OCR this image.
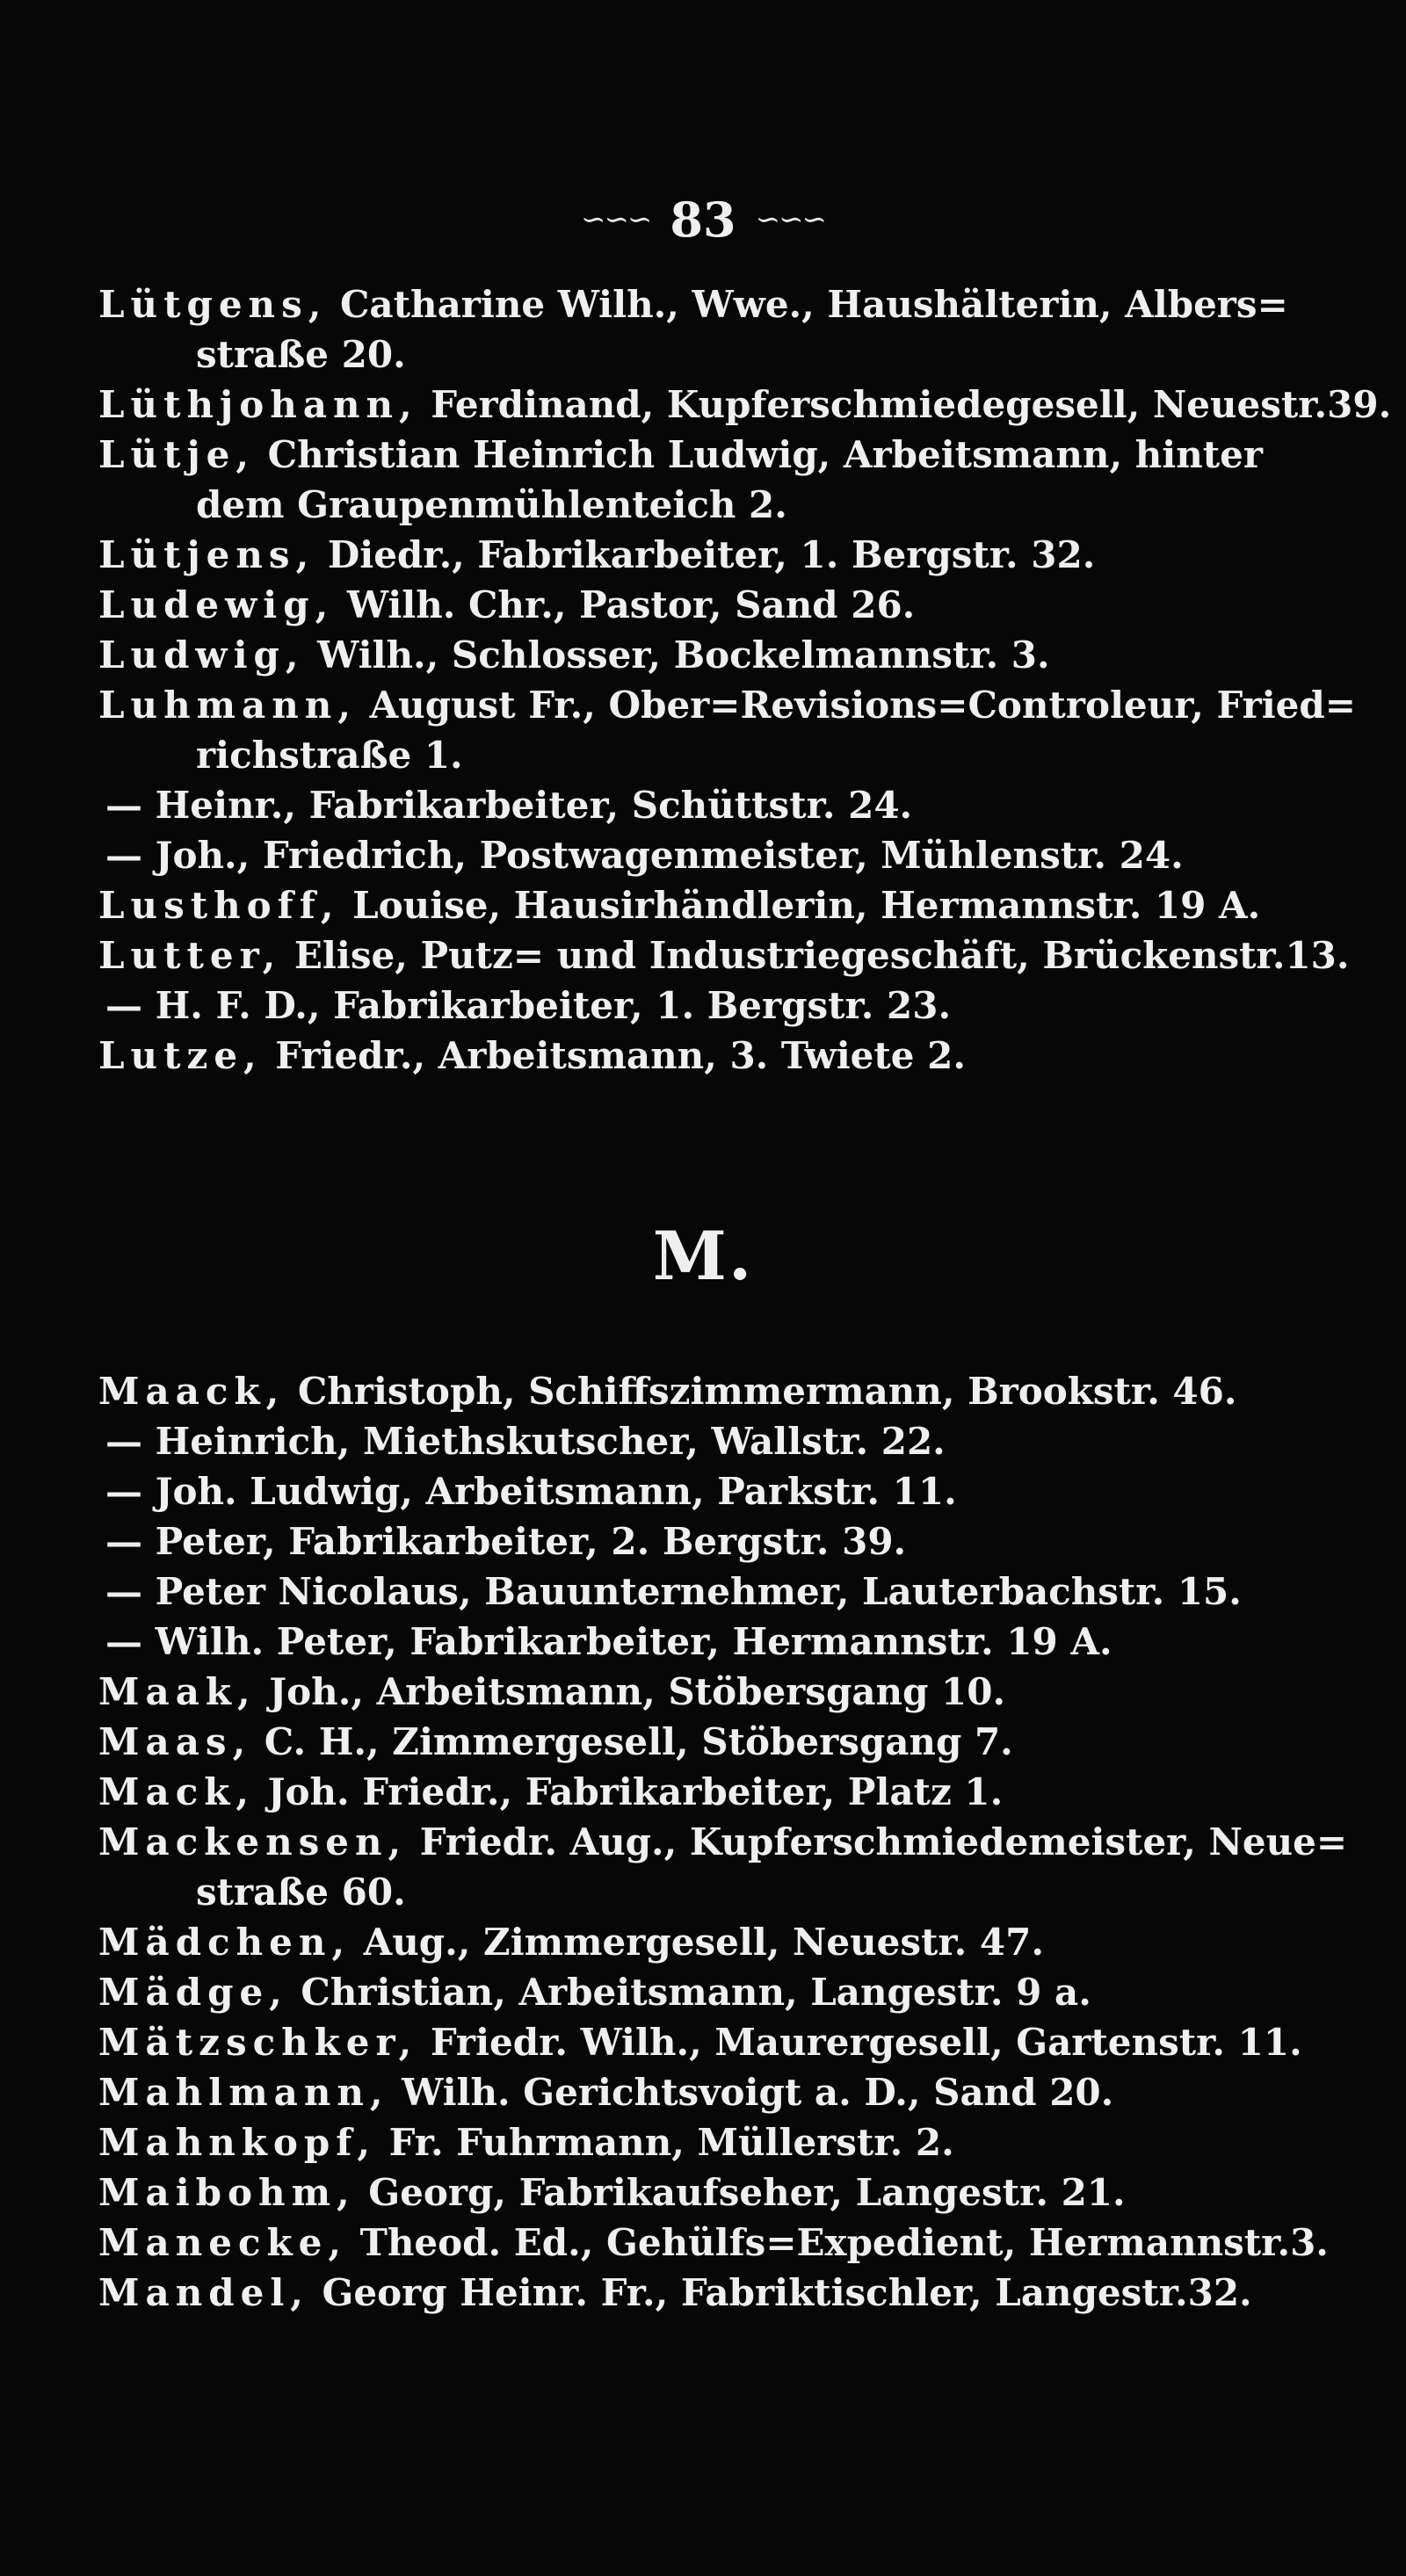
∽∽∽ 83 ∽∽∽
Lütgens, Catharine Wilh., Wwe., Haushälterin, Albers=
straße 20.
Lüthjohann, Ferdinand, Kupferschmiedegesell, Neuestr.39.
Lütje, Christian Heinrich Ludwig, Arbeitsmann, hinter
dem Graupenmühlenteich 2.
Lütjens, Diedr., Fabrikarbeiter, 1. Bergstr. 32.
Ludewig, Wilh. Chr., Pastor, Sand 26.
Ludwig, Wilh., Schlosser, Bockelmannstr. 3.
Luhmann, August Fr., Ober=Revisions=Controleur, Fried=
richstraße 1.
— Heinr., Fabrikarbeiter, Schüttstr. 24.
— Joh., Friedrich, Postwagenmeister, Mühlenstr. 24.
Lusthoff, Louise, Hausirhändlerin, Hermannstr. 19 A.
Lutter, Elise, Putz= und Industriegeschäft, Brückenstr.13.
— H. F. D., Fabrikarbeiter, 1. Bergstr. 23.
Lutze, Friedr., Arbeitsmann, 3. Twiete 2.
M.
Maack, Christoph, Schiffszimmermann, Brookstr. 46.
— Heinrich, Miethskutscher, Wallstr. 22.
— Joh. Ludwig, Arbeitsmann, Parkstr. 11.
— Peter, Fabrikarbeiter, 2. Bergstr. 39.
— Peter Nicolaus, Bauunternehmer, Lauterbachstr. 15.
— Wilh. Peter, Fabrikarbeiter, Hermannstr. 19 A.
Maak, Joh., Arbeitsmann, Stöbersgang 10.
Maas, C. H., Zimmergesell, Stöbersgang 7.
Mack, Joh. Friedr., Fabrikarbeiter, Platz 1.
Mackensen, Friedr. Aug., Kupferschmiedemeister, Neue=
straße 60.
Mädchen, Aug., Zimmergesell, Neuestr. 47.
Mädge, Christian, Arbeitsmann, Langestr. 9 a.
Mätzschker, Friedr. Wilh., Maurergesell, Gartenstr. 11.
Mahlmann, Wilh. Gerichtsvoigt a. D., Sand 20.
Mahnkopf, Fr. Fuhrmann, Müllerstr. 2.
Maibohm, Georg, Fabrikaufseher, Langestr. 21.
Manecke, Theod. Ed., Gehülfs=Expedient, Hermannstr.3.
Mandel, Georg Heinr. Fr., Fabriktischler, Langestr.32.
